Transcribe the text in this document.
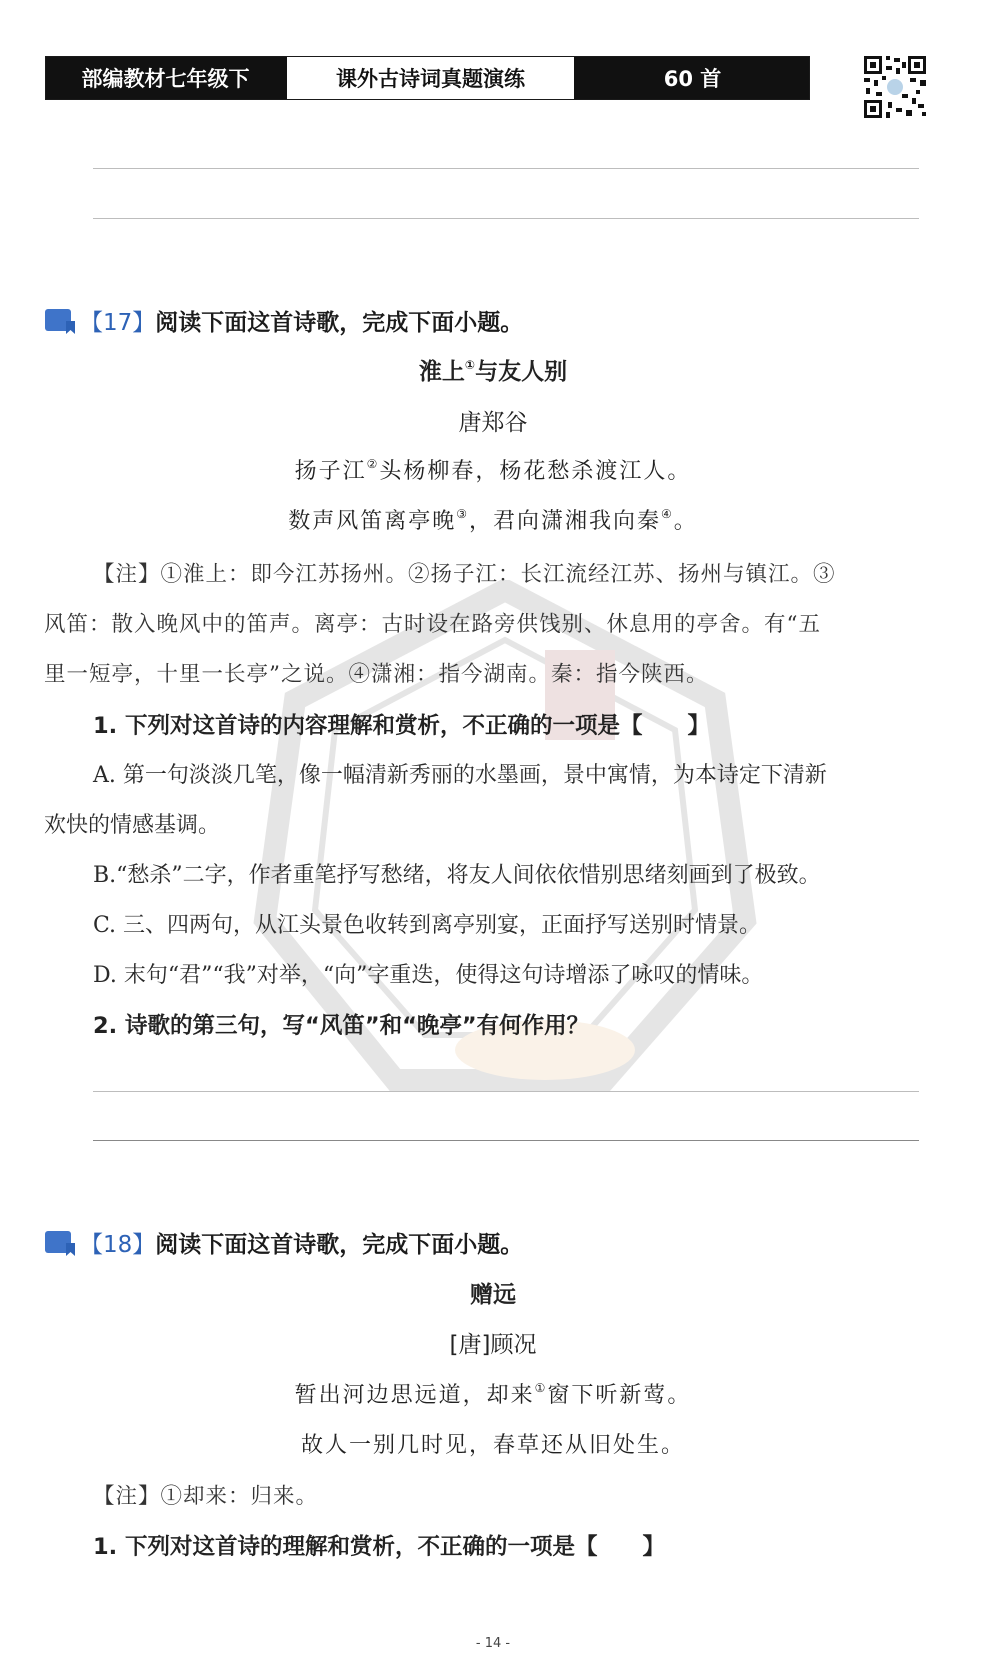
部编教材七年级下	课外古诗词真题演练	60 首
【17】 阅读下面这首诗歌，完成下面小题。
淮上①与友人别
唐郑谷
扬子江②头杨柳春，杨花愁杀渡江人。
数声风笛离亭晚③，君向潇湘我向秦④。
【注】①淮上：即今江苏扬州。②扬子江：长江流经江苏、扬州与镇江。③
风笛：散入晚风中的笛声。离亭：古时设在路旁供饯别、休息用的亭舍。有“五
里一短亭，十里一长亭”之说。④潇湘：指今湖南。秦：指今陕西。
1. 下列对这首诗的内容理解和赏析，不正确的一项是【　　】
A. 第一句淡淡几笔，像一幅清新秀丽的水墨画，景中寓情，为本诗定下清新
欢快的情感基调。
B.“愁杀”二字，作者重笔抒写愁绪，将友人间依依惜别思绪刻画到了极致。
C. 三、四两句，从江头景色收转到离亭别宴，正面抒写送别时情景。
D. 末句“君”“我”对举，“向”字重迭，使得这句诗增添了咏叹的情味。
2. 诗歌的第三句，写“风笛”和“晚亭”有何作用？
【18】 阅读下面这首诗歌，完成下面小题。
赠远
[唐]顾况
暂出河边思远道，却来①窗下听新莺。
故人一别几时见，春草还从旧处生。
【注】①却来：归来。
1. 下列对这首诗的理解和赏析，不正确的一项是【　　】
- 14 -
